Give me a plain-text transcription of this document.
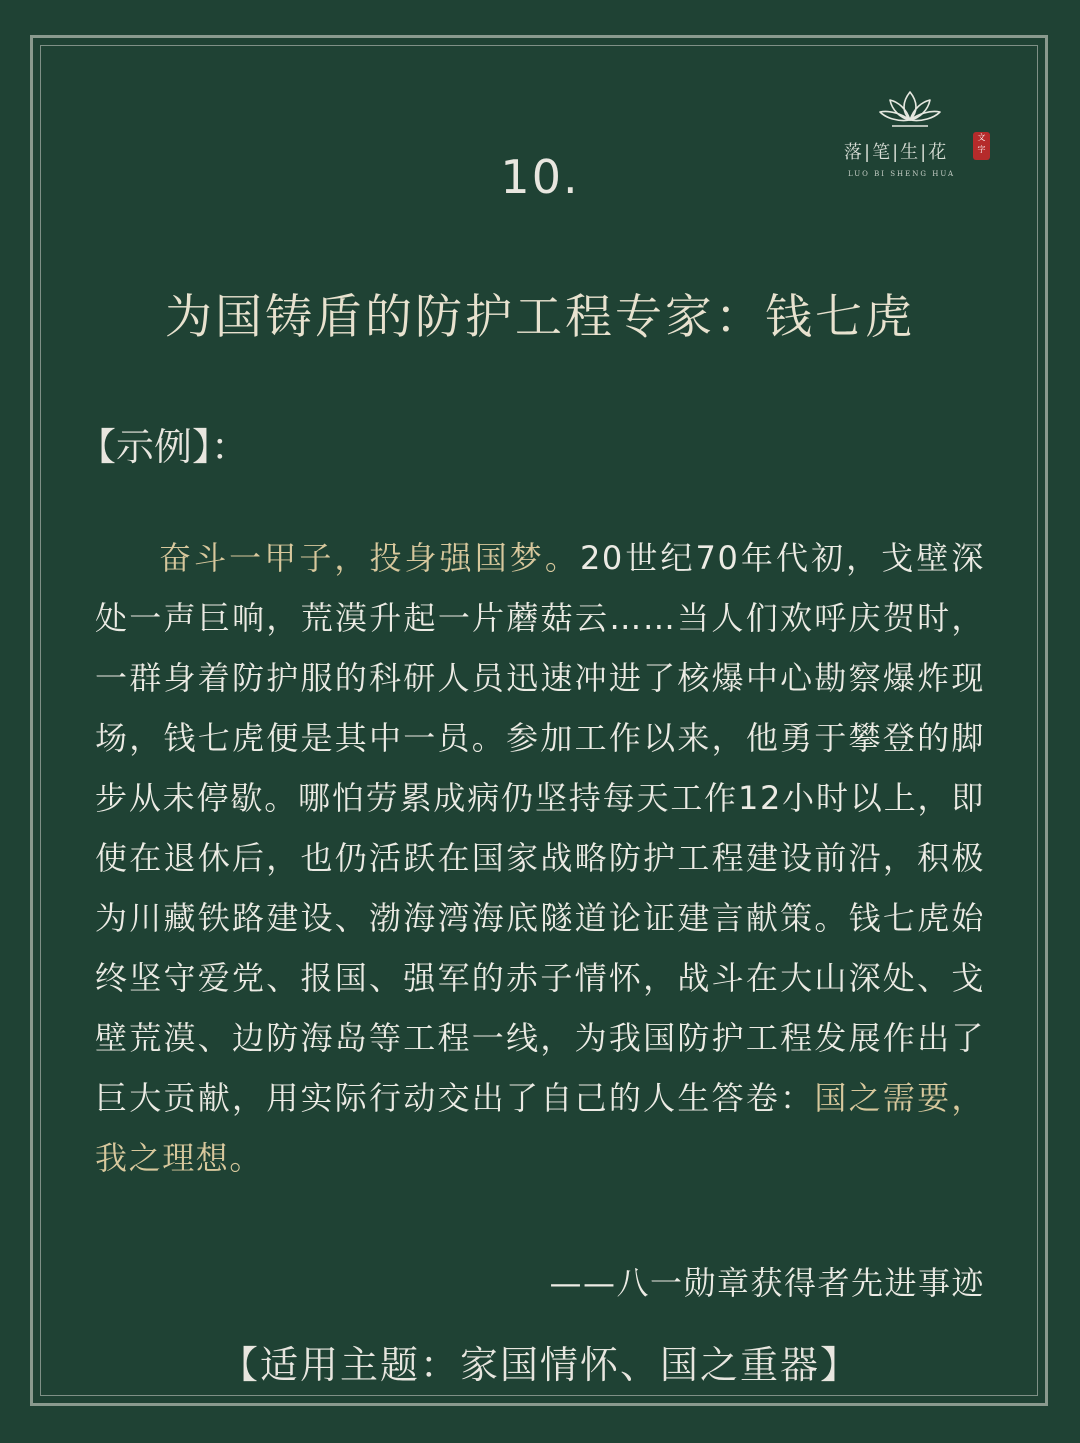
落|笔|生|花
文 字
LUO BI SHENG HUA
10.
为国铸盾的防护工程专家：钱七虎
【示例】：
奋斗一甲子，投身强国梦。20世纪70年代初，戈壁深处一声巨响，荒漠升起一片蘑菇云……当人们欢呼庆贺时，一群身着防护服的科研人员迅速冲进了核爆中心勘察爆炸现场，钱七虎便是其中一员。参加工作以来，他勇于攀登的脚步从未停歇。哪怕劳累成病仍坚持每天工作12小时以上，即使在退休后，也仍活跃在国家战略防护工程建设前沿，积极为川藏铁路建设、渤海湾海底隧道论证建言献策。钱七虎始终坚守爱党、报国、强军的赤子情怀，战斗在大山深处、戈壁荒漠、边防海岛等工程一线，为我国防护工程发展作出了巨大贡献，用实际行动交出了自己的人生答卷：国之需要，我之理想。
——八一勋章获得者先进事迹
【适用主题：家国情怀、国之重器】
